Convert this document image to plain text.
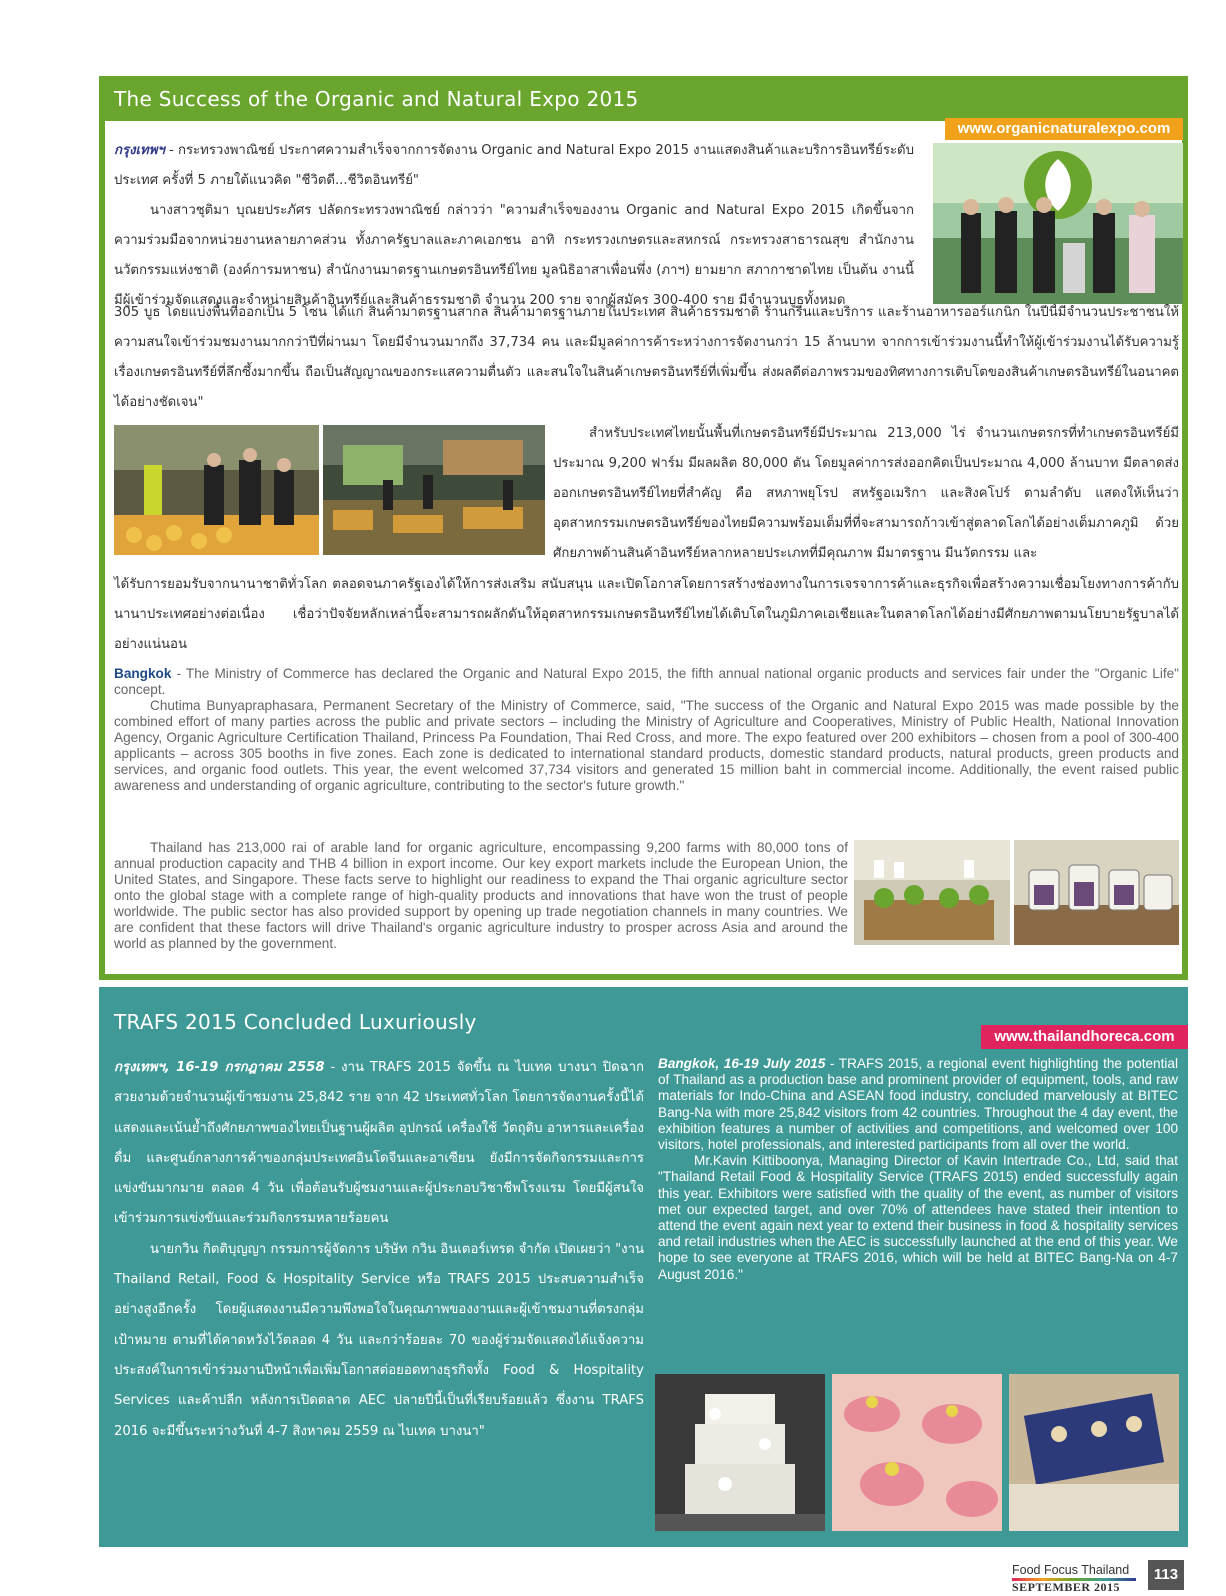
The Success of the Organic and Natural Expo 2015
www.organicnaturalexpo.com

กรุงเทพฯ - กระทรวงพาณิชย์ ประกาศความสำเร็จจากการจัดงาน Organic and Natural Expo 2015 งานแสดงสินค้าและบริการอินทรีย์ระดับประเทศ ครั้งที่ 5 ภายใต้แนวคิด "ชีวิตดี...ชีวิตอินทรีย์"

นางสาวชุติมา บุณยประภัศร ปลัดกระทรวงพาณิชย์ กล่าวว่า "ความสำเร็จของงาน Organic and Natural Expo 2015 เกิดขึ้นจากความร่วมมือจากหน่วยงานหลายภาคส่วน ทั้งภาครัฐบาลและภาคเอกชน อาทิ กระทรวงเกษตรและสหกรณ์ กระทรวงสาธารณสุข สำนักงานนวัตกรรมแห่งชาติ (องค์การมหาชน) สำนักงานมาตรฐานเกษตรอินทรีย์ไทย มูลนิธิอาสาเพื่อนพึ่ง (ภาฯ) ยามยาก สภากาชาดไทย เป็นต้น งานนี้มีผู้เข้าร่วมจัดแสดงและจำหน่ายสินค้าอินทรีย์และสินค้าธรรมชาติ จำนวน 200 ราย จากผู้สมัคร 300-400 ราย มีจำนวนบูธทั้งหมด

305 บูธ โดยแบ่งพื้นที่ออกเป็น 5 โซน ได้แก่ สินค้ามาตรฐานสากล สินค้ามาตรฐานภายในประเทศ สินค้าธรรมชาติ ร้านกรีนและบริการ และร้านอาหารออร์แกนิก ในปีนี้มีจำนวนประชาชนให้ความสนใจเข้าร่วมชมงานมากกว่าปีที่ผ่านมา โดยมีจำนวนมากถึง 37,734 คน และมีมูลค่าการค้าระหว่างการจัดงานกว่า 15 ล้านบาท จากการเข้าร่วมงานนี้ทำให้ผู้เข้าร่วมงานได้รับความรู้เรื่องเกษตรอินทรีย์ที่ลึกซึ้งมากขึ้น ถือเป็นสัญญาณของกระแสความตื่นตัว และสนใจในสินค้าเกษตรอินทรีย์ที่เพิ่มขึ้น ส่งผลดีต่อภาพรวมของทิศทางการเติบโตของสินค้าเกษตรอินทรีย์ในอนาคตได้อย่างชัดเจน"
สำหรับประเทศไทยนั้นพื้นที่เกษตรอินทรีย์มีประมาณ 213,000 ไร่ จำนวนเกษตรกรที่ทำเกษตรอินทรีย์มีประมาณ 9,200 ฟาร์ม มีผลผลิต 80,000 ตัน โดยมูลค่าการส่งออกคิดเป็นประมาณ 4,000 ล้านบาท มีตลาดส่งออกเกษตรอินทรีย์ไทยที่สำคัญ คือ สหภาพยุโรป สหรัฐอเมริกา และสิงคโปร์ ตามลำดับ แสดงให้เห็นว่าอุตสาหกรรมเกษตรอินทรีย์ของไทยมีความพร้อมเต็มที่ที่จะสามารถก้าวเข้าสู่ตลาดโลกได้อย่างเต็มภาคภูมิ ด้วยศักยภาพด้านสินค้าอินทรีย์หลากหลายประเภทที่มีคุณภาพ มีมาตรฐาน มีนวัตกรรม และ
ได้รับการยอมรับจากนานาชาติทั่วโลก ตลอดจนภาครัฐเองได้ให้การส่งเสริม สนับสนุน และเปิดโอกาสโดยการสร้างช่องทางในการเจรจาการค้าและธุรกิจเพื่อสร้างความเชื่อมโยงทางการค้ากับนานาประเทศอย่างต่อเนื่อง เชื่อว่าปัจจัยหลักเหล่านี้จะสามารถผลักดันให้อุตสาหกรรมเกษตรอินทรีย์ไทยได้เติบโตในภูมิภาคเอเชียและในตลาดโลกได้อย่างมีศักยภาพตามนโยบายรัฐบาลได้อย่างแน่นอน

Bangkok - The Ministry of Commerce has declared the Organic and Natural Expo 2015, the fifth annual national organic products and services fair under the "Organic Life" concept.

Chutima Bunyapraphasara, Permanent Secretary of the Ministry of Commerce, said, "The success of the Organic and Natural Expo 2015 was made possible by the combined effort of many parties across the public and private sectors – including the Ministry of Agriculture and Cooperatives, Ministry of Public Health, National Innovation Agency, Organic Agriculture Certification Thailand, Princess Pa Foundation, Thai Red Cross, and more. The expo featured over 200 exhibitors – chosen from a pool of 300-400 applicants – across 305 booths in five zones. Each zone is dedicated to international standard products, domestic standard products, natural products, green products and services, and organic food outlets. This year, the event welcomed 37,734 visitors and generated 15 million baht in commercial income. Additionally, the event raised public awareness and understanding of organic agriculture, contributing to the sector's future growth."

Thailand has 213,000 rai of arable land for organic agriculture, encompassing 9,200 farms with 80,000 tons of annual production capacity and THB 4 billion in export income. Our key export markets include the European Union, the United States, and Singapore. These facts serve to highlight our readiness to expand the Thai organic agriculture sector onto the global stage with a complete range of high-quality products and innovations that have won the trust of people worldwide. The public sector has also provided support by opening up trade negotiation channels in many countries. We are confident that these factors will drive Thailand's organic agriculture industry to prosper across Asia and around the world as planned by the government.
TRAFS 2015 Concluded Luxuriously
www.thailandhoreca.com

กรุงเทพฯ, 16-19 กรกฎาคม 2558 - งาน TRAFS 2015 จัดขึ้น ณ ไบเทค บางนา ปิดฉากสวยงามด้วยจำนวนผู้เข้าชมงาน 25,842 ราย จาก 42 ประเทศทั่วโลก โดยการจัดงานครั้งนี้ได้แสดงและเน้นย้ำถึงศักยภาพของไทยเป็นฐานผู้ผลิต อุปกรณ์ เครื่องใช้ วัตถุดิบ อาหารและเครื่องดื่ม และศูนย์กลางการค้าของกลุ่มประเทศอินโดจีนและอาเซียน ยังมีการจัดกิจกรรมและการแข่งขันมากมาย ตลอด 4 วัน เพื่อต้อนรับผู้ชมงานและผู้ประกอบวิชาชีพโรงแรม โดยมีผู้สนใจเข้าร่วมการแข่งขันและร่วมกิจกรรมหลายร้อยคน

นายกวิน กิตติบุญญา กรรมการผู้จัดการ บริษัท กวิน อินเตอร์เทรด จำกัด เปิดเผยว่า "งาน Thailand Retail, Food & Hospitality Service หรือ TRAFS 2015 ประสบความสำเร็จอย่างสูงอีกครั้ง โดยผู้แสดงงานมีความพึงพอใจในคุณภาพของงานและผู้เข้าชมงานที่ตรงกลุ่มเป้าหมาย ตามที่ได้คาดหวังไว้ตลอด 4 วัน และกว่าร้อยละ 70 ของผู้ร่วมจัดแสดงได้แจ้งความประสงค์ในการเข้าร่วมงานปีหน้าเพื่อเพิ่มโอกาสต่อยอดทางธุรกิจทั้ง Food & Hospitality Services และค้าปลีก หลังการเปิดตลาด AEC ปลายปีนี้เป็นที่เรียบร้อยแล้ว ซึ่งงาน TRAFS 2016 จะมีขึ้นระหว่างวันที่ 4-7 สิงหาคม 2559 ณ ไบเทค บางนา"

Bangkok, 16-19 July 2015 - TRAFS 2015, a regional event highlighting the potential of Thailand as a production base and prominent provider of equipment, tools, and raw materials for Indo-China and ASEAN food industry, concluded marvelously at BITEC Bang-Na with more 25,842 visitors from 42 countries. Throughout the 4 day event, the exhibition features a number of activities and competitions, and welcomed over 100 visitors, hotel professionals, and interested participants from all over the world.

Mr.Kavin Kittiboonya, Managing Director of Kavin Intertrade Co., Ltd, said that "Thailand Retail Food & Hospitality Service (TRAFS 2015) ended successfully again this year. Exhibitors were satisfied with the quality of the event, as number of visitors met our expected target, and over 70% of attendees have stated their intention to attend the event again next year to extend their business in food & hospitality services and retail industries when the AEC is successfully launched at the end of this year. We hope to see everyone at TRAFS 2016, which will be held at BITEC Bang-Na on 4-7 August 2016."

Food Focus Thailand
SEPTEMBER 2015
113
